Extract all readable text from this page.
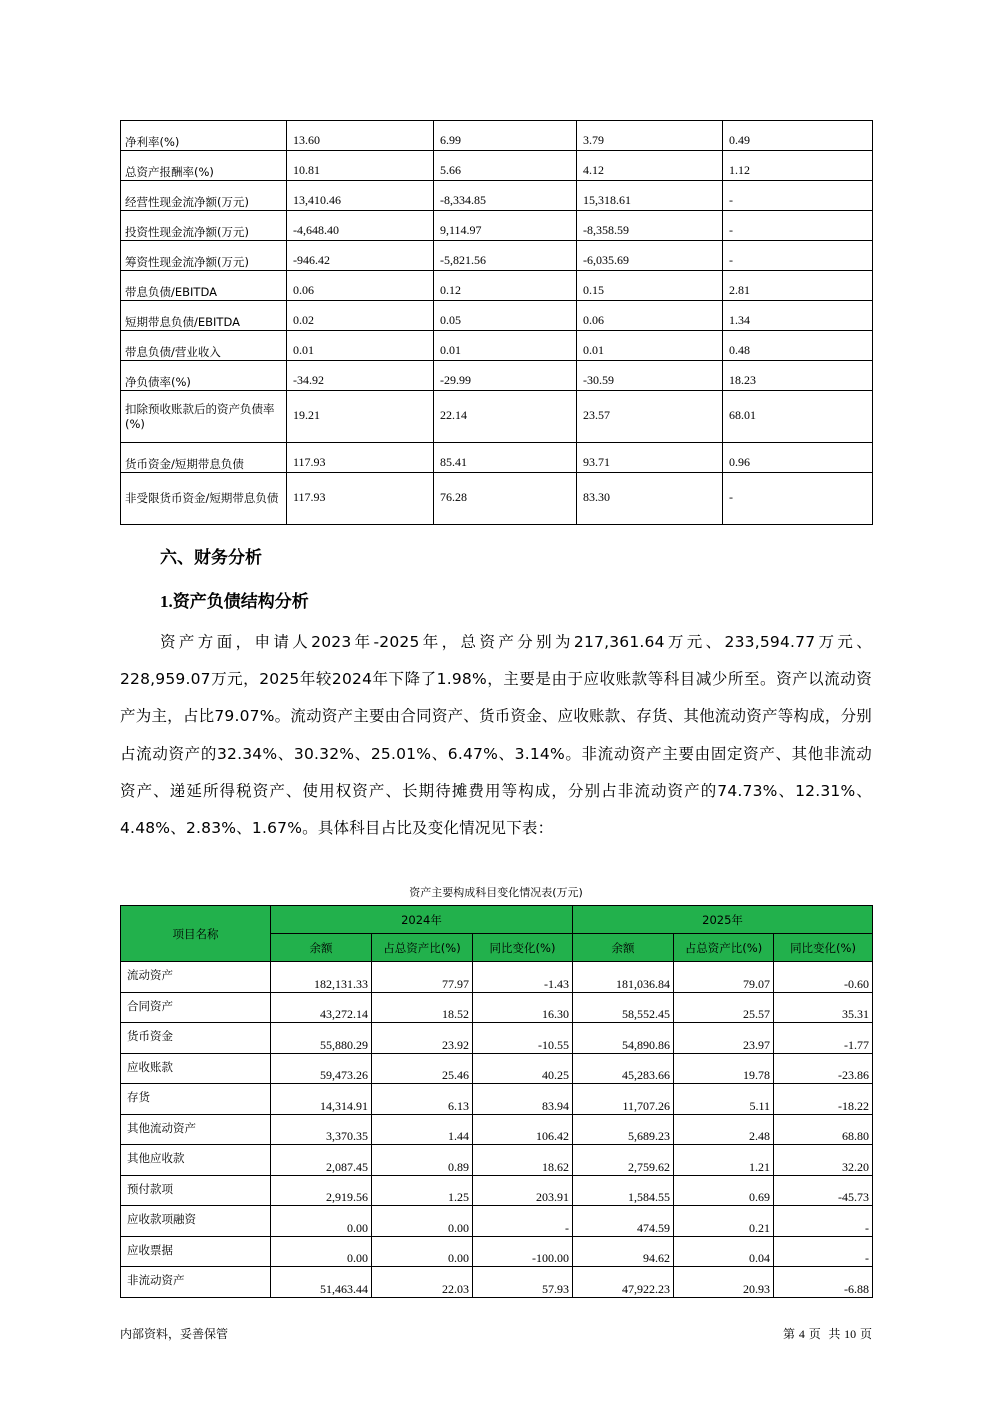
净利率(%)	13.60	6.99	3.79	0.49
总资产报酬率(%)	10.81	5.66	4.12	1.12
经营性现金流净额(万元)	13,410.46	-8,334.85	15,318.61	-
投资性现金流净额(万元)	-4,648.40	9,114.97	-8,358.59	-
筹资性现金流净额(万元)	-946.42	-5,821.56	-6,035.69	-
带息负债/EBITDA	0.06	0.12	0.15	2.81
短期带息负债/EBITDA	0.02	0.05	0.06	1.34
带息负债/营业收入	0.01	0.01	0.01	0.48
净负债率(%)	-34.92	-29.99	-30.59	18.23
扣除预收账款后的资产负债率(%)	19.21	22.14	23.57	68.01
货币资金/短期带息负债	117.93	85.41	93.71	0.96
非受限货币资金/短期带息负债	117.93	76.28	83.30	-
六、财务分析
1.资产负债结构分析

资产方面，申请人2023年-2025年，总资产分别为217,361.64万元、233,594.77万元、228,959.07万元，2025年较2024年下降了1.98%，主要是由于应收账款等科目减少所至。资产以流动资产为主，占比79.07%。流动资产主要由合同资产、货币资金、应收账款、存货、其他流动资产等构成，分别占流动资产的32.34%、30.32%、25.01%、6.47%、3.14%。非流动资产主要由固定资产、其他非流动资产、递延所得税资产、使用权资产、长期待摊费用等构成，分别占非流动资产的74.73%、12.31%、4.48%、2.83%、1.67%。具体科目占比及变化情况见下表：

资产主要构成科目变化情况表(万元)
项目名称	2024年			2025年		
	余额	占总资产比(%)	同比变化(%)	余额	占总资产比(%)	同比变化(%)
流动资产	182,131.33	77.97	-1.43	181,036.84	79.07	-0.60
合同资产	43,272.14	18.52	16.30	58,552.45	25.57	35.31
货币资金	55,880.29	23.92	-10.55	54,890.86	23.97	-1.77
应收账款	59,473.26	25.46	40.25	45,283.66	19.78	-23.86
存货	14,314.91	6.13	83.94	11,707.26	5.11	-18.22
其他流动资产	3,370.35	1.44	106.42	5,689.23	2.48	68.80
其他应收款	2,087.45	0.89	18.62	2,759.62	1.21	32.20
预付款项	2,919.56	1.25	203.91	1,584.55	0.69	-45.73
应收款项融资	0.00	0.00	-	474.59	0.21	-
应收票据	0.00	0.00	-100.00	94.62	0.04	-
非流动资产	51,463.44	22.03	57.93	47,922.23	20.93	-6.88
内部资料，妥善保管	第 4 页  共 10 页
